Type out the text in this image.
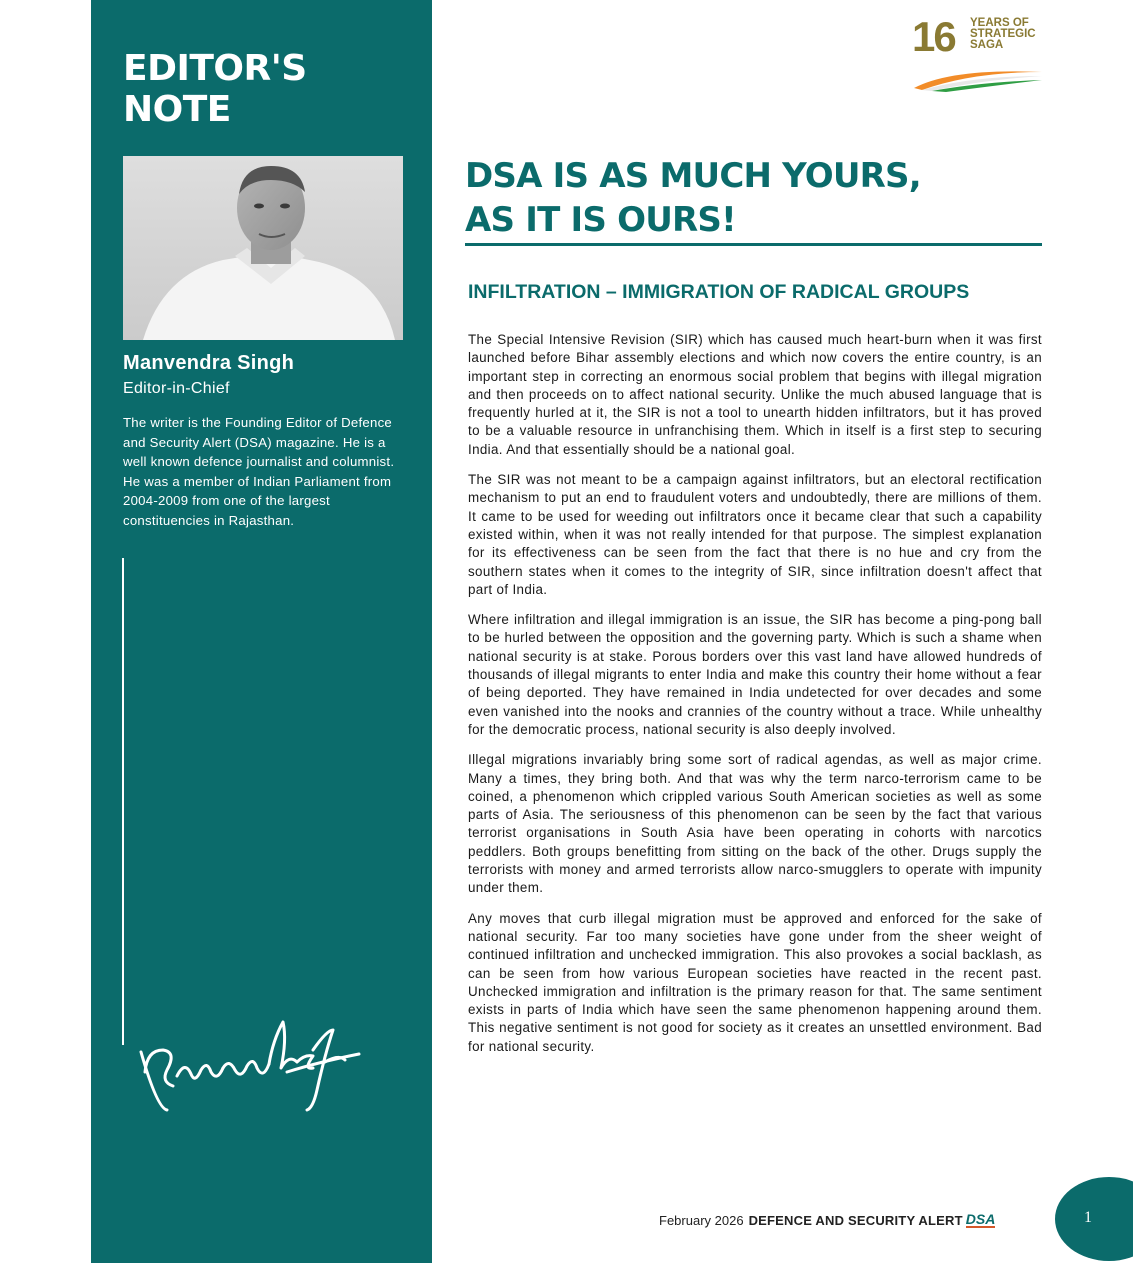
EDITOR'S
NOTE

Manvendra Singh

Editor-in-Chief

The writer is the Founding Editor of Defence and Security Alert (DSA) magazine. He is a well known defence journalist and columnist. He was a member of Indian Parliament from 2004-2009 from one of the largest constituencies in Rajasthan.

16 YEARS OF
STRATEGIC
SAGA
DSA IS AS MUCH YOURS,
AS IT IS OURS!
INFILTRATION – IMMIGRATION OF RADICAL GROUPS

The Special Intensive Revision (SIR) which has caused much heart-burn when it was first launched before Bihar assembly elections and which now covers the entire country, is an important step in correcting an enormous social problem that begins with illegal migration and then proceeds on to affect national security. Unlike the much abused language that is frequently hurled at it, the SIR is not a tool to unearth hidden infiltrators, but it has proved to be a valuable resource in unfranchising them. Which in itself is a first step to securing India. And that essentially should be a national goal.

The SIR was not meant to be a campaign against infiltrators, but an electoral rectification mechanism to put an end to fraudulent voters and undoubtedly, there are millions of them. It came to be used for weeding out infiltrators once it became clear that such a capability existed within, when it was not really intended for that purpose. The simplest explanation for its effectiveness can be seen from the fact that there is no hue and cry from the southern states when it comes to the integrity of SIR, since infiltration doesn't affect that part of India.

Where infiltration and illegal immigration is an issue, the SIR has become a ping-pong ball to be hurled between the opposition and the governing party. Which is such a shame when national security is at stake. Porous borders over this vast land have allowed hundreds of thousands of illegal migrants to enter India and make this country their home without a fear of being deported. They have remained in India undetected for over decades and some even vanished into the nooks and crannies of the country without a trace. While unhealthy for the democratic process, national security is also deeply involved.

Illegal migrations invariably bring some sort of radical agendas, as well as major crime. Many a times, they bring both. And that was why the term narco-terrorism came to be coined, a phenomenon which crippled various South American societies as well as some parts of Asia. The seriousness of this phenomenon can be seen by the fact that various terrorist organisations in South Asia have been operating in cohorts with narcotics peddlers. Both groups benefitting from sitting on the back of the other. Drugs supply the terrorists with money and armed terrorists allow narco-smugglers to operate with impunity under them.

Any moves that curb illegal migration must be approved and enforced for the sake of national security. Far too many societies have gone under from the sheer weight of continued infiltration and unchecked immigration. This also provokes a social backlash, as can be seen from how various European societies have reacted in the recent past. Unchecked immigration and infiltration is the primary reason for that. The same sentiment exists in parts of India which have seen the same phenomenon happening around them. This negative sentiment is not good for society as it creates an unsettled environment. Bad for national security.

February 2026 DEFENCE AND SECURITY ALERT DSA	1
